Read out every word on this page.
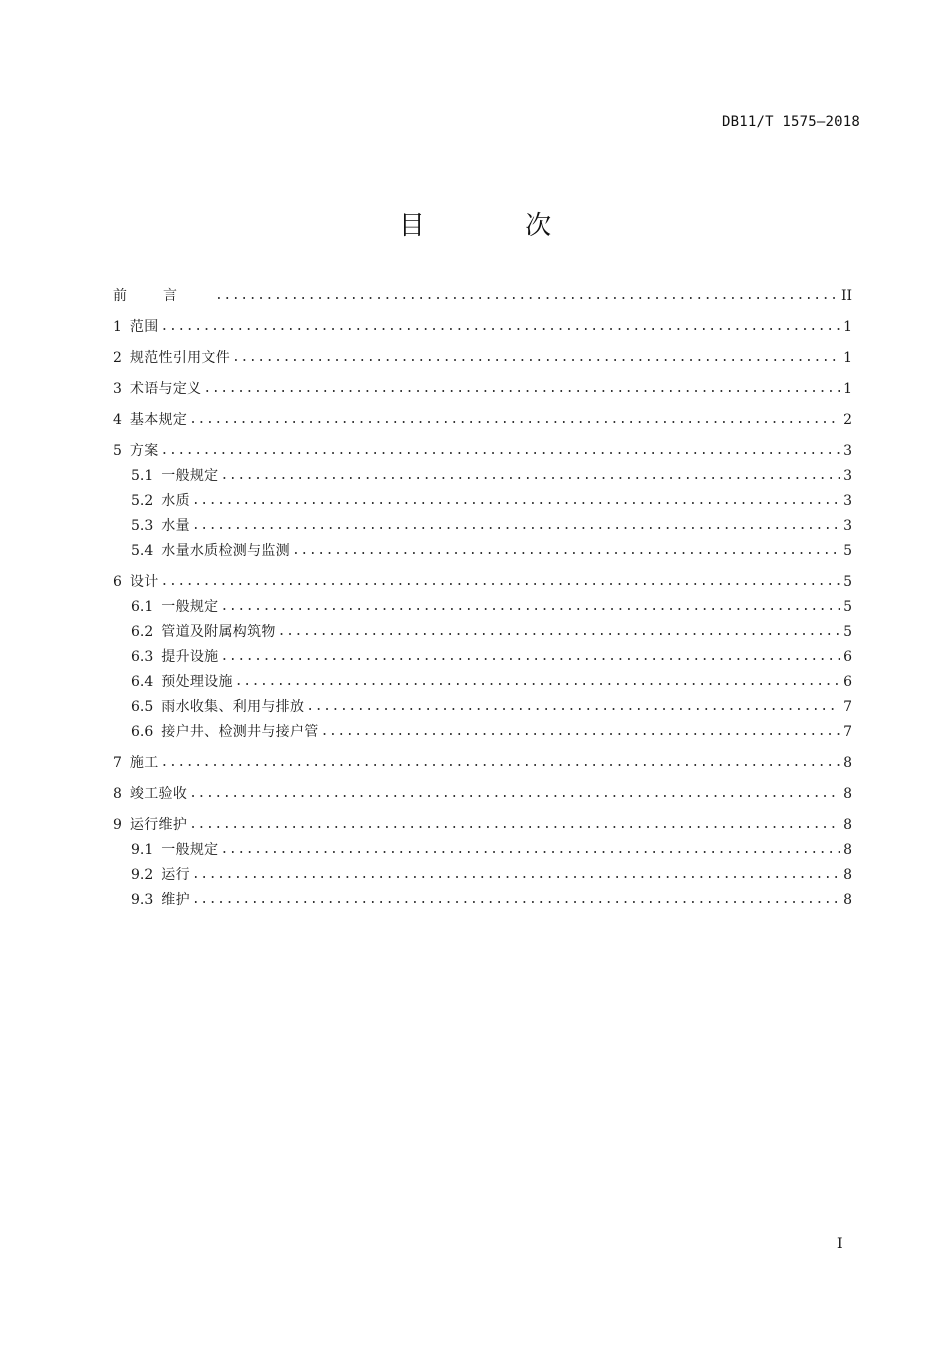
DB11/T 1575—2018
目 次
前言 .....	II
1 范围 .....	1
2 规范性引用文件 .....	1
3 术语与定义 .....	1
4 基本规定 .....	2
5 方案 .....	3
5.1 一般规定 .....	3
5.2 水质 .....	3
5.3 水量 .....	3
5.4 水量水质检测与监测 .....	5
6 设计 .....	5
6.1 一般规定 .....	5
6.2 管道及附属构筑物 .....	5
6.3 提升设施 .....	6
6.4 预处理设施 .....	6
6.5 雨水收集、利用与排放 .....	7
6.6 接户井、检测井与接户管 .....	7
7 施工 .....	8
8 竣工验收 .....	8
9 运行维护 .....	8
9.1 一般规定 .....	8
9.2 运行 .....	8
9.3 维护 .....	8
I
